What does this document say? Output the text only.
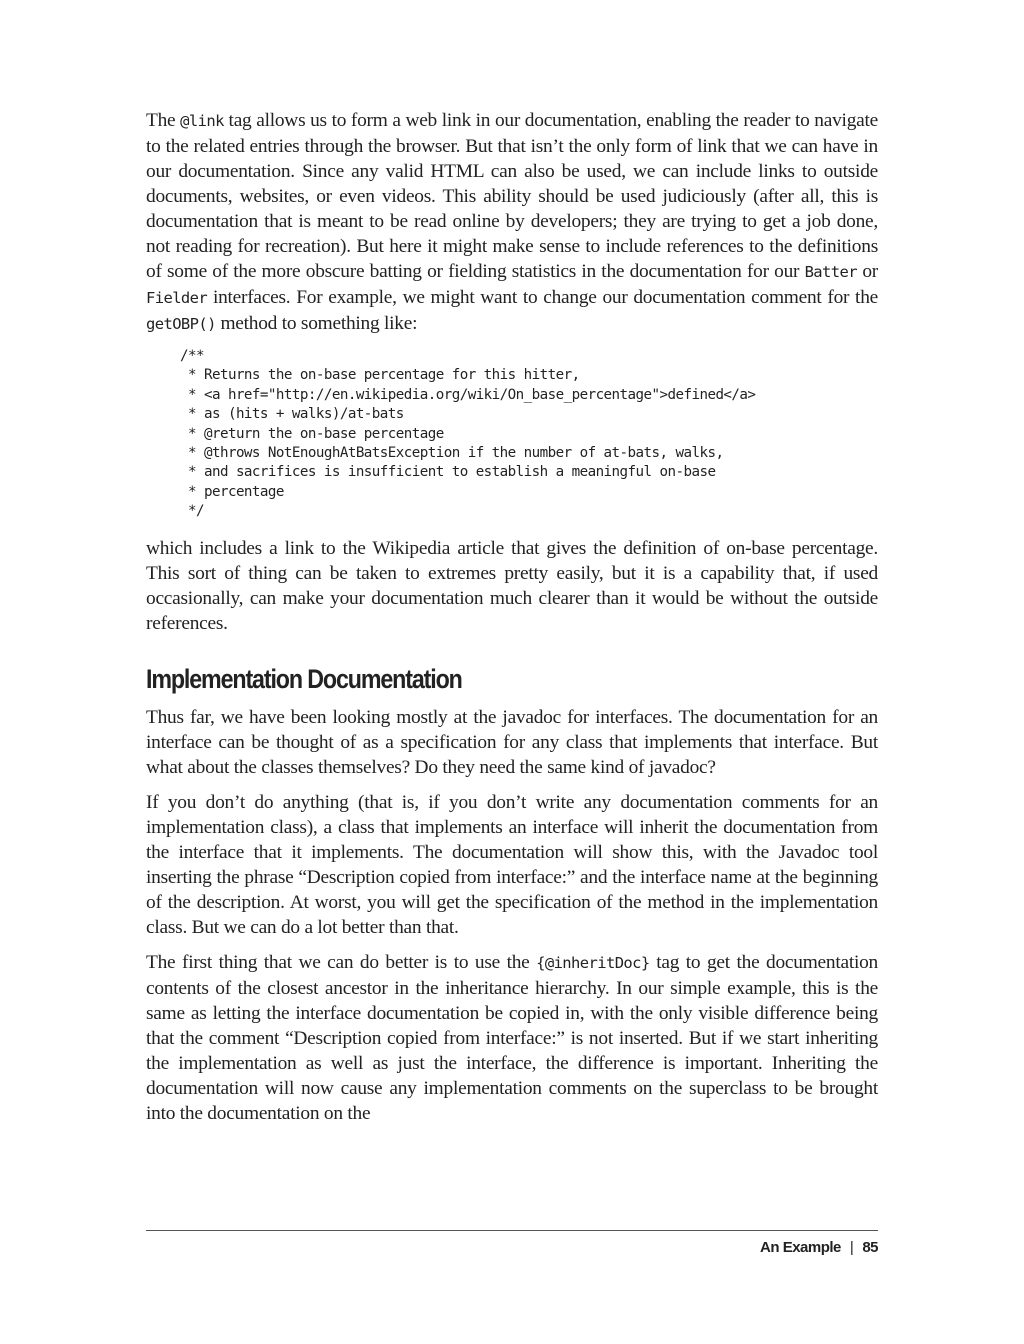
The @link tag allows us to form a web link in our documentation, enabling the reader to navigate to the related entries through the browser. But that isn’t the only form of link that we can have in our documentation. Since any valid HTML can also be used, we can include links to outside documents, websites, or even videos. This ability should be used judiciously (after all, this is documentation that is meant to be read online by developers; they are trying to get a job done, not reading for recreation). But here it might make sense to include references to the definitions of some of the more obscure batting or fielding statistics in the documentation for our Batter or Fielder interfaces. For example, we might want to change our documentation comment for the getOBP() method to something like:

/**
* Returns the on-base percentage for this hitter,
* <a href="http://en.wikipedia.org/wiki/On_base_percentage">defined</a>
* as (hits + walks)/at-bats
* @return the on-base percentage
* @throws NotEnoughAtBatsException if the number of at-bats, walks,
* and sacrifices is insufficient to establish a meaningful on-base
* percentage
*/

which includes a link to the Wikipedia article that gives the definition of on-base percentage. This sort of thing can be taken to extremes pretty easily, but it is a capability that, if used occasionally, can make your documentation much clearer than it would be without the outside references.

Implementation Documentation

Thus far, we have been looking mostly at the javadoc for interfaces. The documentation for an interface can be thought of as a specification for any class that implements that interface. But what about the classes themselves? Do they need the same kind of javadoc?

If you don’t do anything (that is, if you don’t write any documentation comments for an implementation class), a class that implements an interface will inherit the documentation from the interface that it implements. The documentation will show this, with the Javadoc tool inserting the phrase “Description copied from interface:” and the interface name at the beginning of the description. At worst, you will get the specification of the method in the implementation class. But we can do a lot better than that.

The first thing that we can do better is to use the {@inheritDoc} tag to get the documentation contents of the closest ancestor in the inheritance hierarchy. In our simple example, this is the same as letting the interface documentation be copied in, with the only visible difference being that the comment “Description copied from interface:” is not inserted. But if we start inheriting the implementation as well as just the interface, the difference is important. Inheriting the documentation will now cause any implementation comments on the superclass to be brought into the documentation on the

An Example | 85
